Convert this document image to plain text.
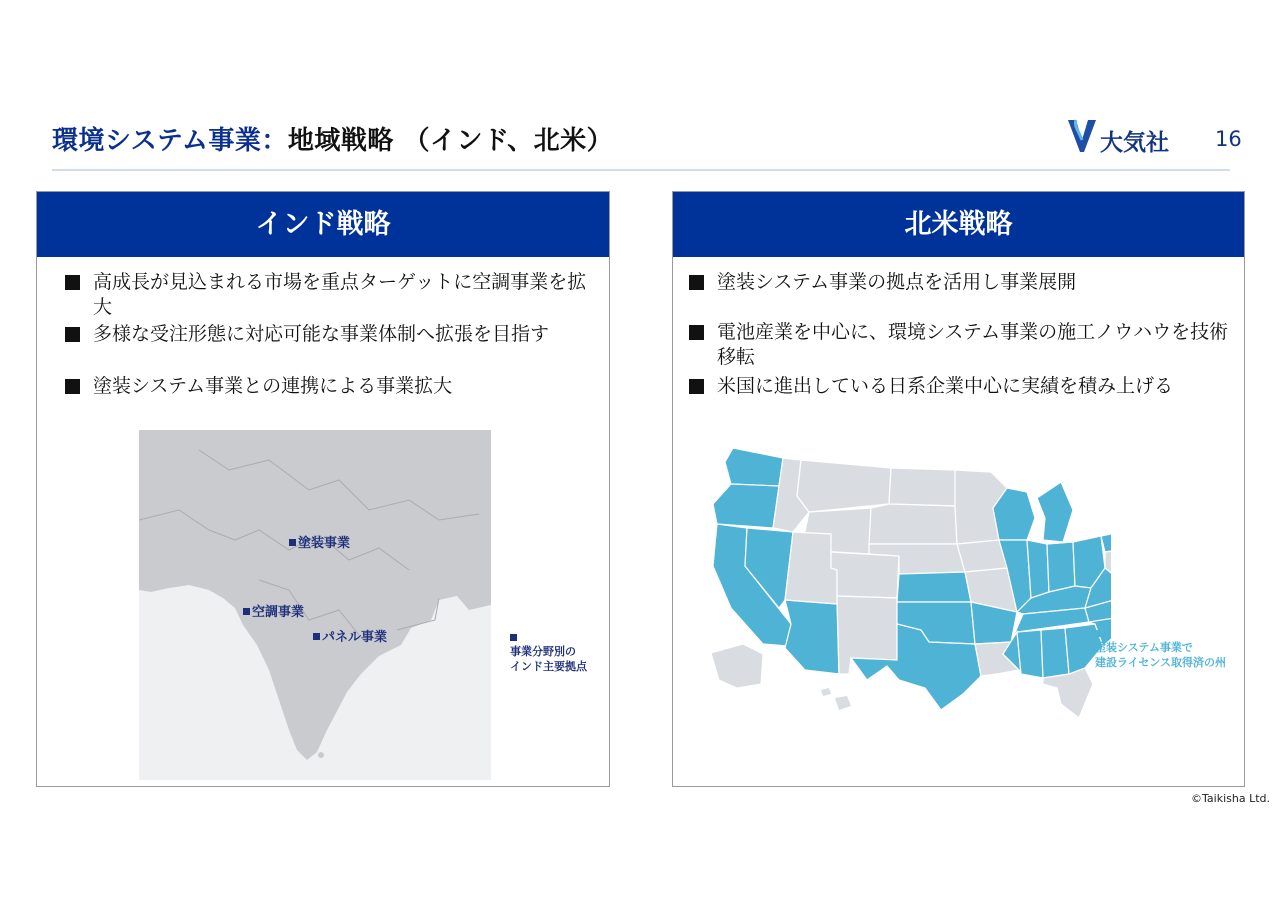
環境システム事業：地域戦略 （インド、北米）	大気社 16
インド戦略
高成長が見込まれる市場を重点ターゲットに空調事業を拡大
多様な受注形態に対応可能な事業体制へ拡張を目指す
塗装システム事業との連携による事業拡大
塗装事業
空調事業
パネル事業
事業分野別の
インド主要拠点
北米戦略
塗装システム事業の拠点を活用し事業展開
電池産業を中心に、環境システム事業の施工ノウハウを技術移転
米国に進出している日系企業中心に実績を積み上げる
塗装システム事業で
建設ライセンス取得済の州
©Taikisha Ltd.
